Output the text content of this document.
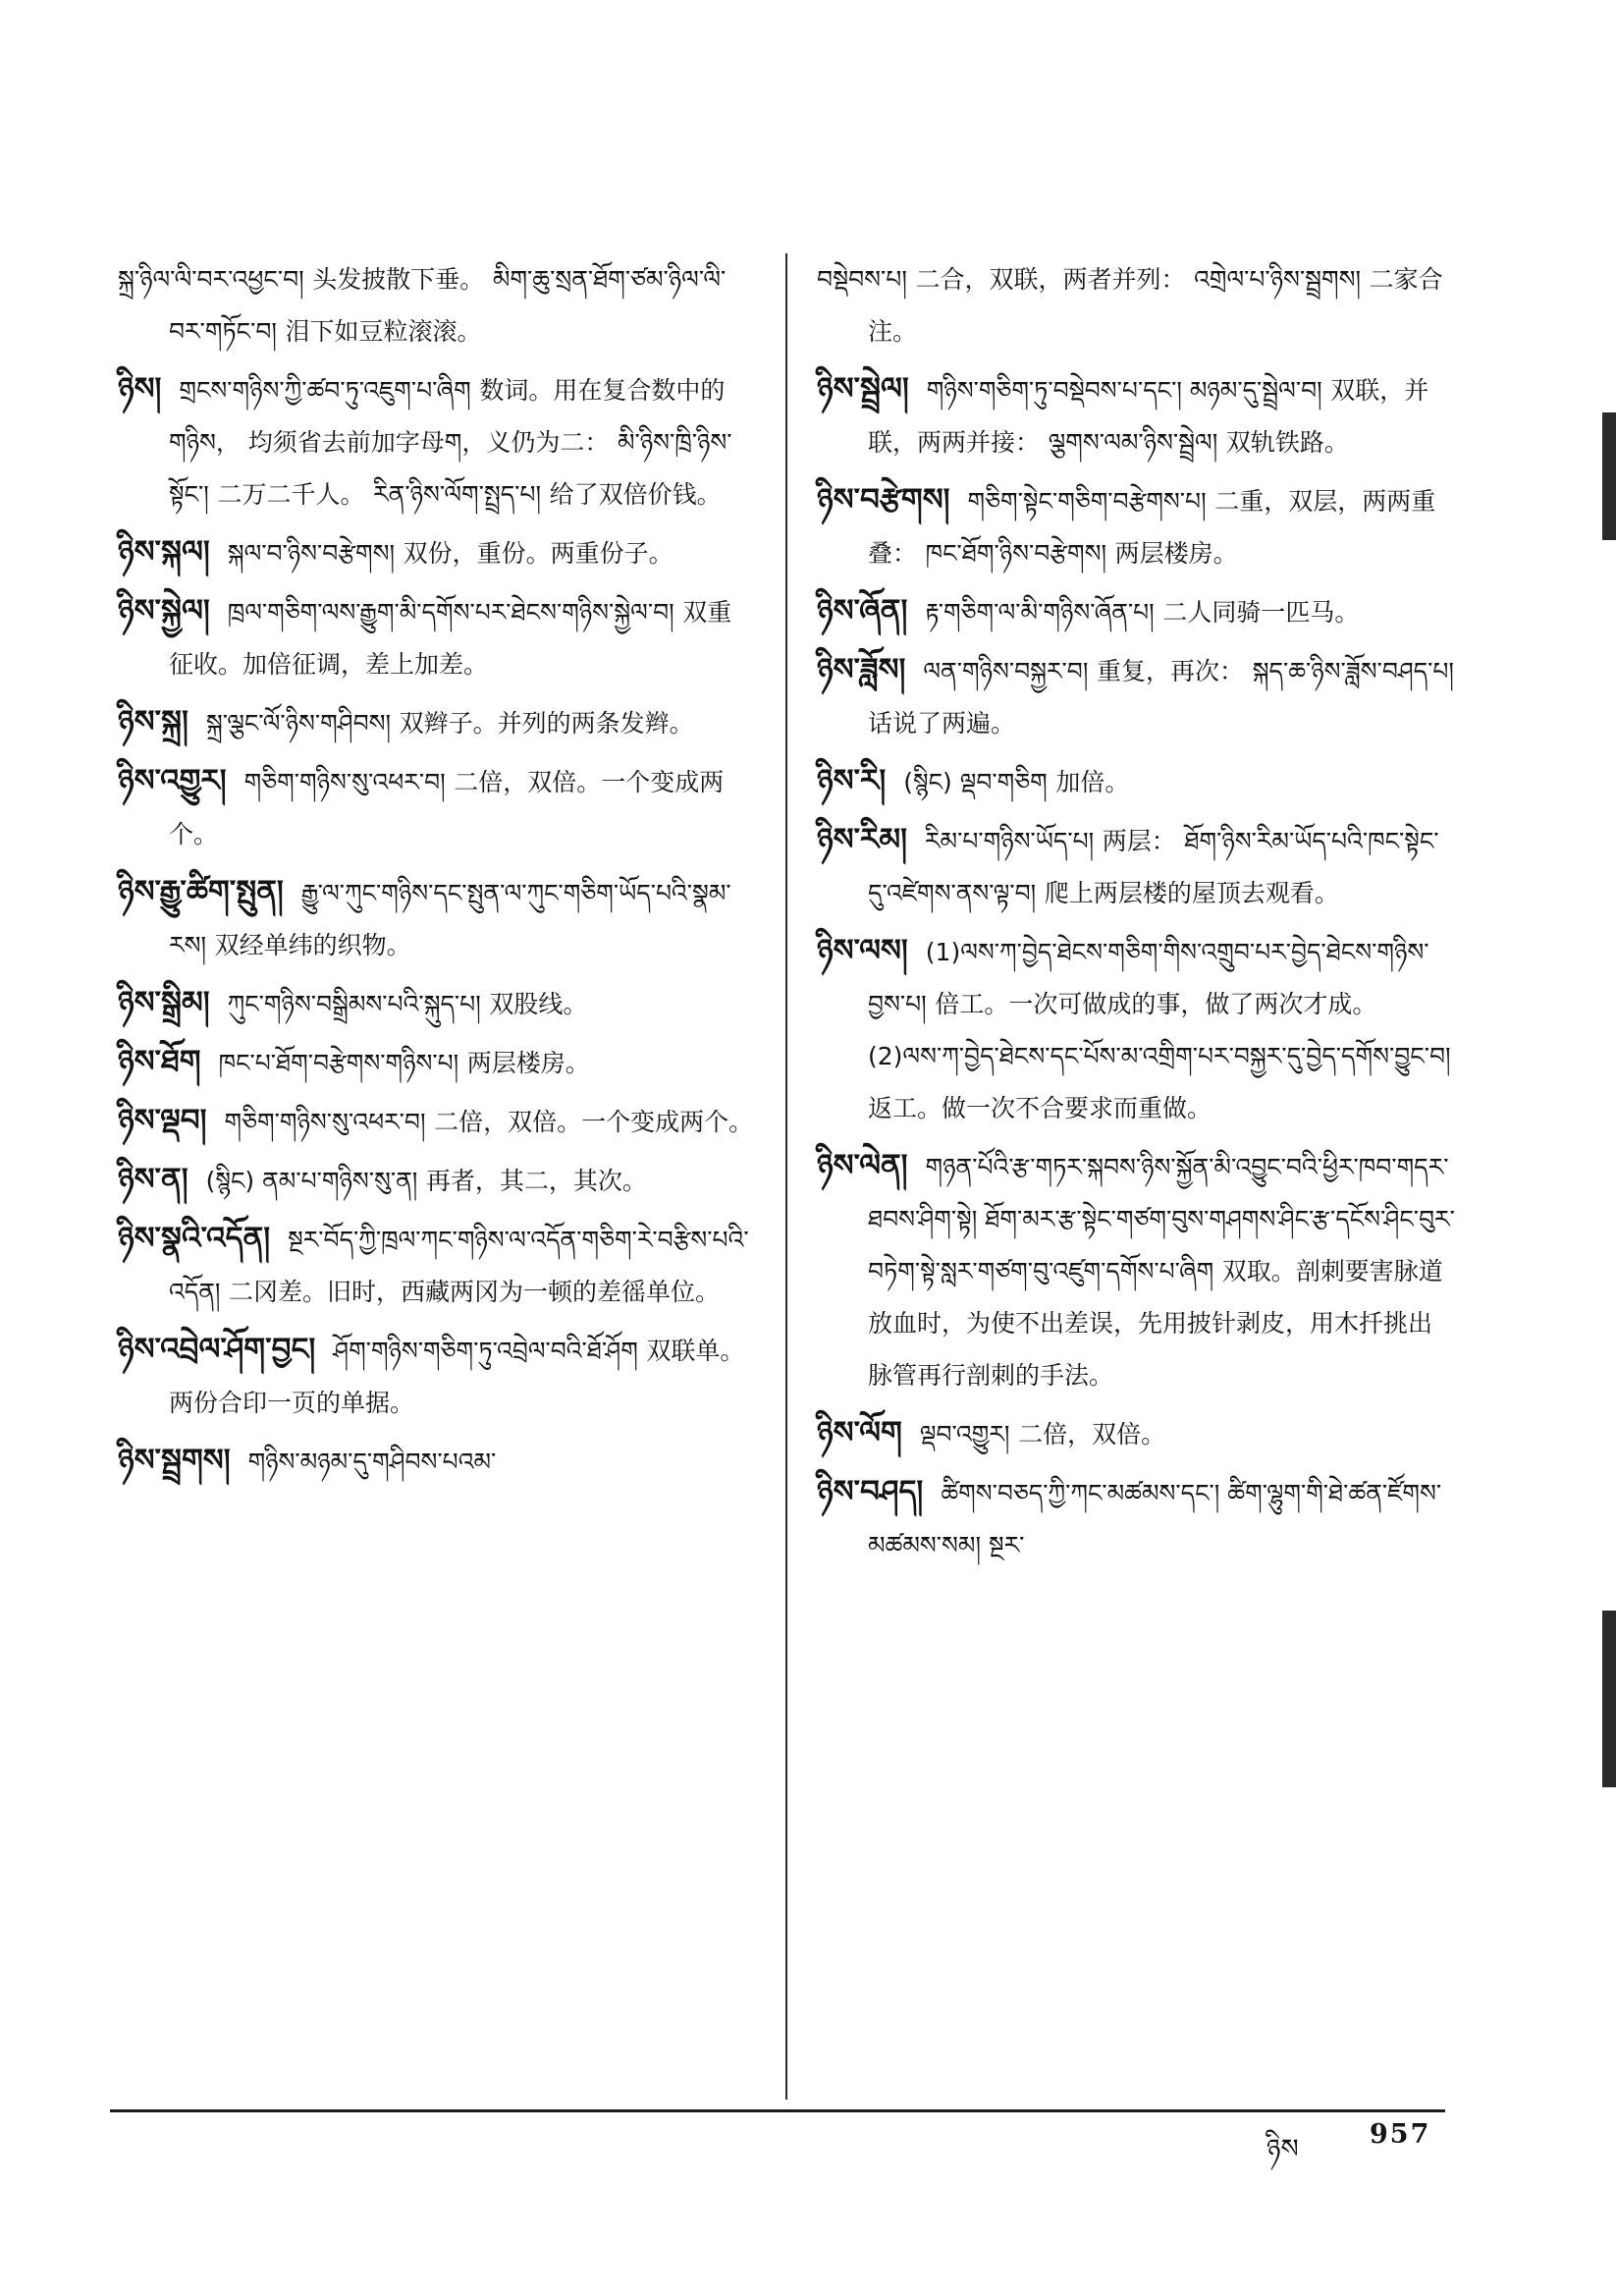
སྐྲ་ཉིལ་ལི་བར་འཕྱང་བ། 头发披散下垂。 མིག་ཆུ་སྲན་ཐོག་ཙམ་ཉིལ་ལི་བར་གཏོང་བ། 泪下如豆粒滚滚。
ཉིས། གྲངས་གཉིས་ཀྱི་ཚབ་ཏུ་འཇུག་པ་ཞིག 数词。用在复合数中的 གཉིས， 均须省去前加字母ག，义仍为二： མི་ཉིས་ཁྲི་ཉིས་སྟོང་། 二万二千人。 རིན་ཉིས་ལོག་སྤྲད་པ། 给了双倍价钱。
ཉིས་སྐལ། སྐལ་བ་ཉིས་བརྩེགས། 双份，重份。两重份子。
ཉིས་སྐྱེལ། ཁྲལ་གཅིག་ལས་རྒྱུག་མི་དགོས་པར་ཐེངས་གཉིས་སྐྱེལ་བ། 双重征收。加倍征调，差上加差。
ཉིས་སྐྲ། སྐྲ་ལྕང་ལོ་ཉིས་གཤིབས། 双辫子。并列的两条发辫。
ཉིས་འགྱུར། གཅིག་གཉིས་སུ་འཕར་བ། 二倍，双倍。一个变成两个。
ཉིས་རྒྱུ་ཚིག་སྤུན། རྒྱུ་ལ་ཀུང་གཉིས་དང་སྤུན་ལ་ཀུང་གཅིག་ཡོད་པའི་སྣམ་རས། 双经单纬的织物。
ཉིས་སྒྲིམ། ཀུང་གཉིས་བསྒྲིམས་པའི་སྐུད་པ། 双股线。
ཉིས་ཐོག ཁང་པ་ཐོག་བརྩེགས་གཉིས་པ། 两层楼房。
ཉིས་ལྡབ། གཅིག་གཉིས་སུ་འཕར་བ། 二倍，双倍。一个变成两个。
ཉིས་ན། (སྙིང) ནམ་པ་གཉིས་སུ་ན། 再者，其二，其次。
ཉིས་སྣའི་འདོན། སྔར་བོད་ཀྱི་ཁྲལ་ཀང་གཉིས་ལ་འདོན་གཅིག་རེ་བརྩིས་པའི་འདོན། 二冈差。旧时，西藏两冈为一顿的差徭单位。
ཉིས་འབྲེལ་ཤོག་བྱང། ཤོག་གཉིས་གཅིག་ཏུ་འབྲེལ་བའི་ཐོ་ཤོག 双联单。两份合印一页的单据。
ཉིས་སྦྲགས། གཉིས་མཉམ་དུ་གཤིབས་པའམ་
བསྡེབས་པ། 二合，双联，两者并列： འགྲེལ་པ་ཉིས་སྦྲགས། 二家合注。
ཉིས་སྦྲེལ། གཉིས་གཅིག་ཏུ་བསྡེབས་པ་དང་། མཉམ་དུ་སྦྲེལ་བ། 双联，并联，两两并接： ལྕགས་ལམ་ཉིས་སྦྲེལ། 双轨铁路。
ཉིས་བརྩེགས། གཅིག་སྟེང་གཅིག་བརྩེགས་པ། 二重，双层，两两重叠： ཁང་ཐོག་ཉིས་བརྩེགས། 两层楼房。
ཉིས་ཞོན། རྟ་གཅིག་ལ་མི་གཉིས་ཞོན་པ། 二人同骑一匹马。
ཉིས་ཟློས། ལན་གཉིས་བསྐྱར་བ། 重复，再次： སྐད་ཆ་ཉིས་ཟློས་བཤད་པ། 话说了两遍。
ཉིས་རི། (སྙིང) ལྡབ་གཅིག 加倍。
ཉིས་རིམ། རིམ་པ་གཉིས་ཡོད་པ། 两层： ཐོག་ཉིས་རིམ་ཡོད་པའི་ཁང་སྟེང་དུ་འཛེགས་ནས་ལྟ་བ། 爬上两层楼的屋顶去观看。
ཉིས་ལས། (1)ལས་ཀ་བྱེད་ཐེངས་གཅིག་གིས་འགྲུབ་པར་བྱེད་ཐེངས་གཉིས་བྱས་པ། 倍工。一次可做成的事，做了两次才成。 (2)ལས་ཀ་བྱེད་ཐེངས་དང་པོས་མ་འགྲིག་པར་བསྐྱར་དུ་བྱེད་དགོས་བྱུང་བ། 返工。做一次不合要求而重做。
ཉིས་ལེན། གཉན་པོའི་རྩ་གཏར་སྐབས་ཉིས་སྐྱོན་མི་འབྱུང་བའི་ཕྱིར་ཁབ་གདར་ཐབས་ཤིག་སྟེ། ཐོག་མར་རྩ་སྟེང་གཙག་བུས་གཤགས་ཤིང་རྩ་དངོས་ཤིང་བུར་བཏེག་སྟེ་སླར་གཙག་བུ་འཛུག་དགོས་པ་ཞིག 双取。剖刺要害脉道放血时，为使不出差误，先用披针剥皮，用木扦挑出脉管再行剖刺的手法。
ཉིས་ལོག ལྡབ་འགྱུར། 二倍，双倍。
ཉིས་བཤད། ཚིགས་བཅད་ཀྱི་ཀང་མཚམས་དང་། ཚིག་ལྷུག་གི་ཐེ་ཚན་ཛོགས་མཚམས་སམ། སྔར་
ཉིས	957
